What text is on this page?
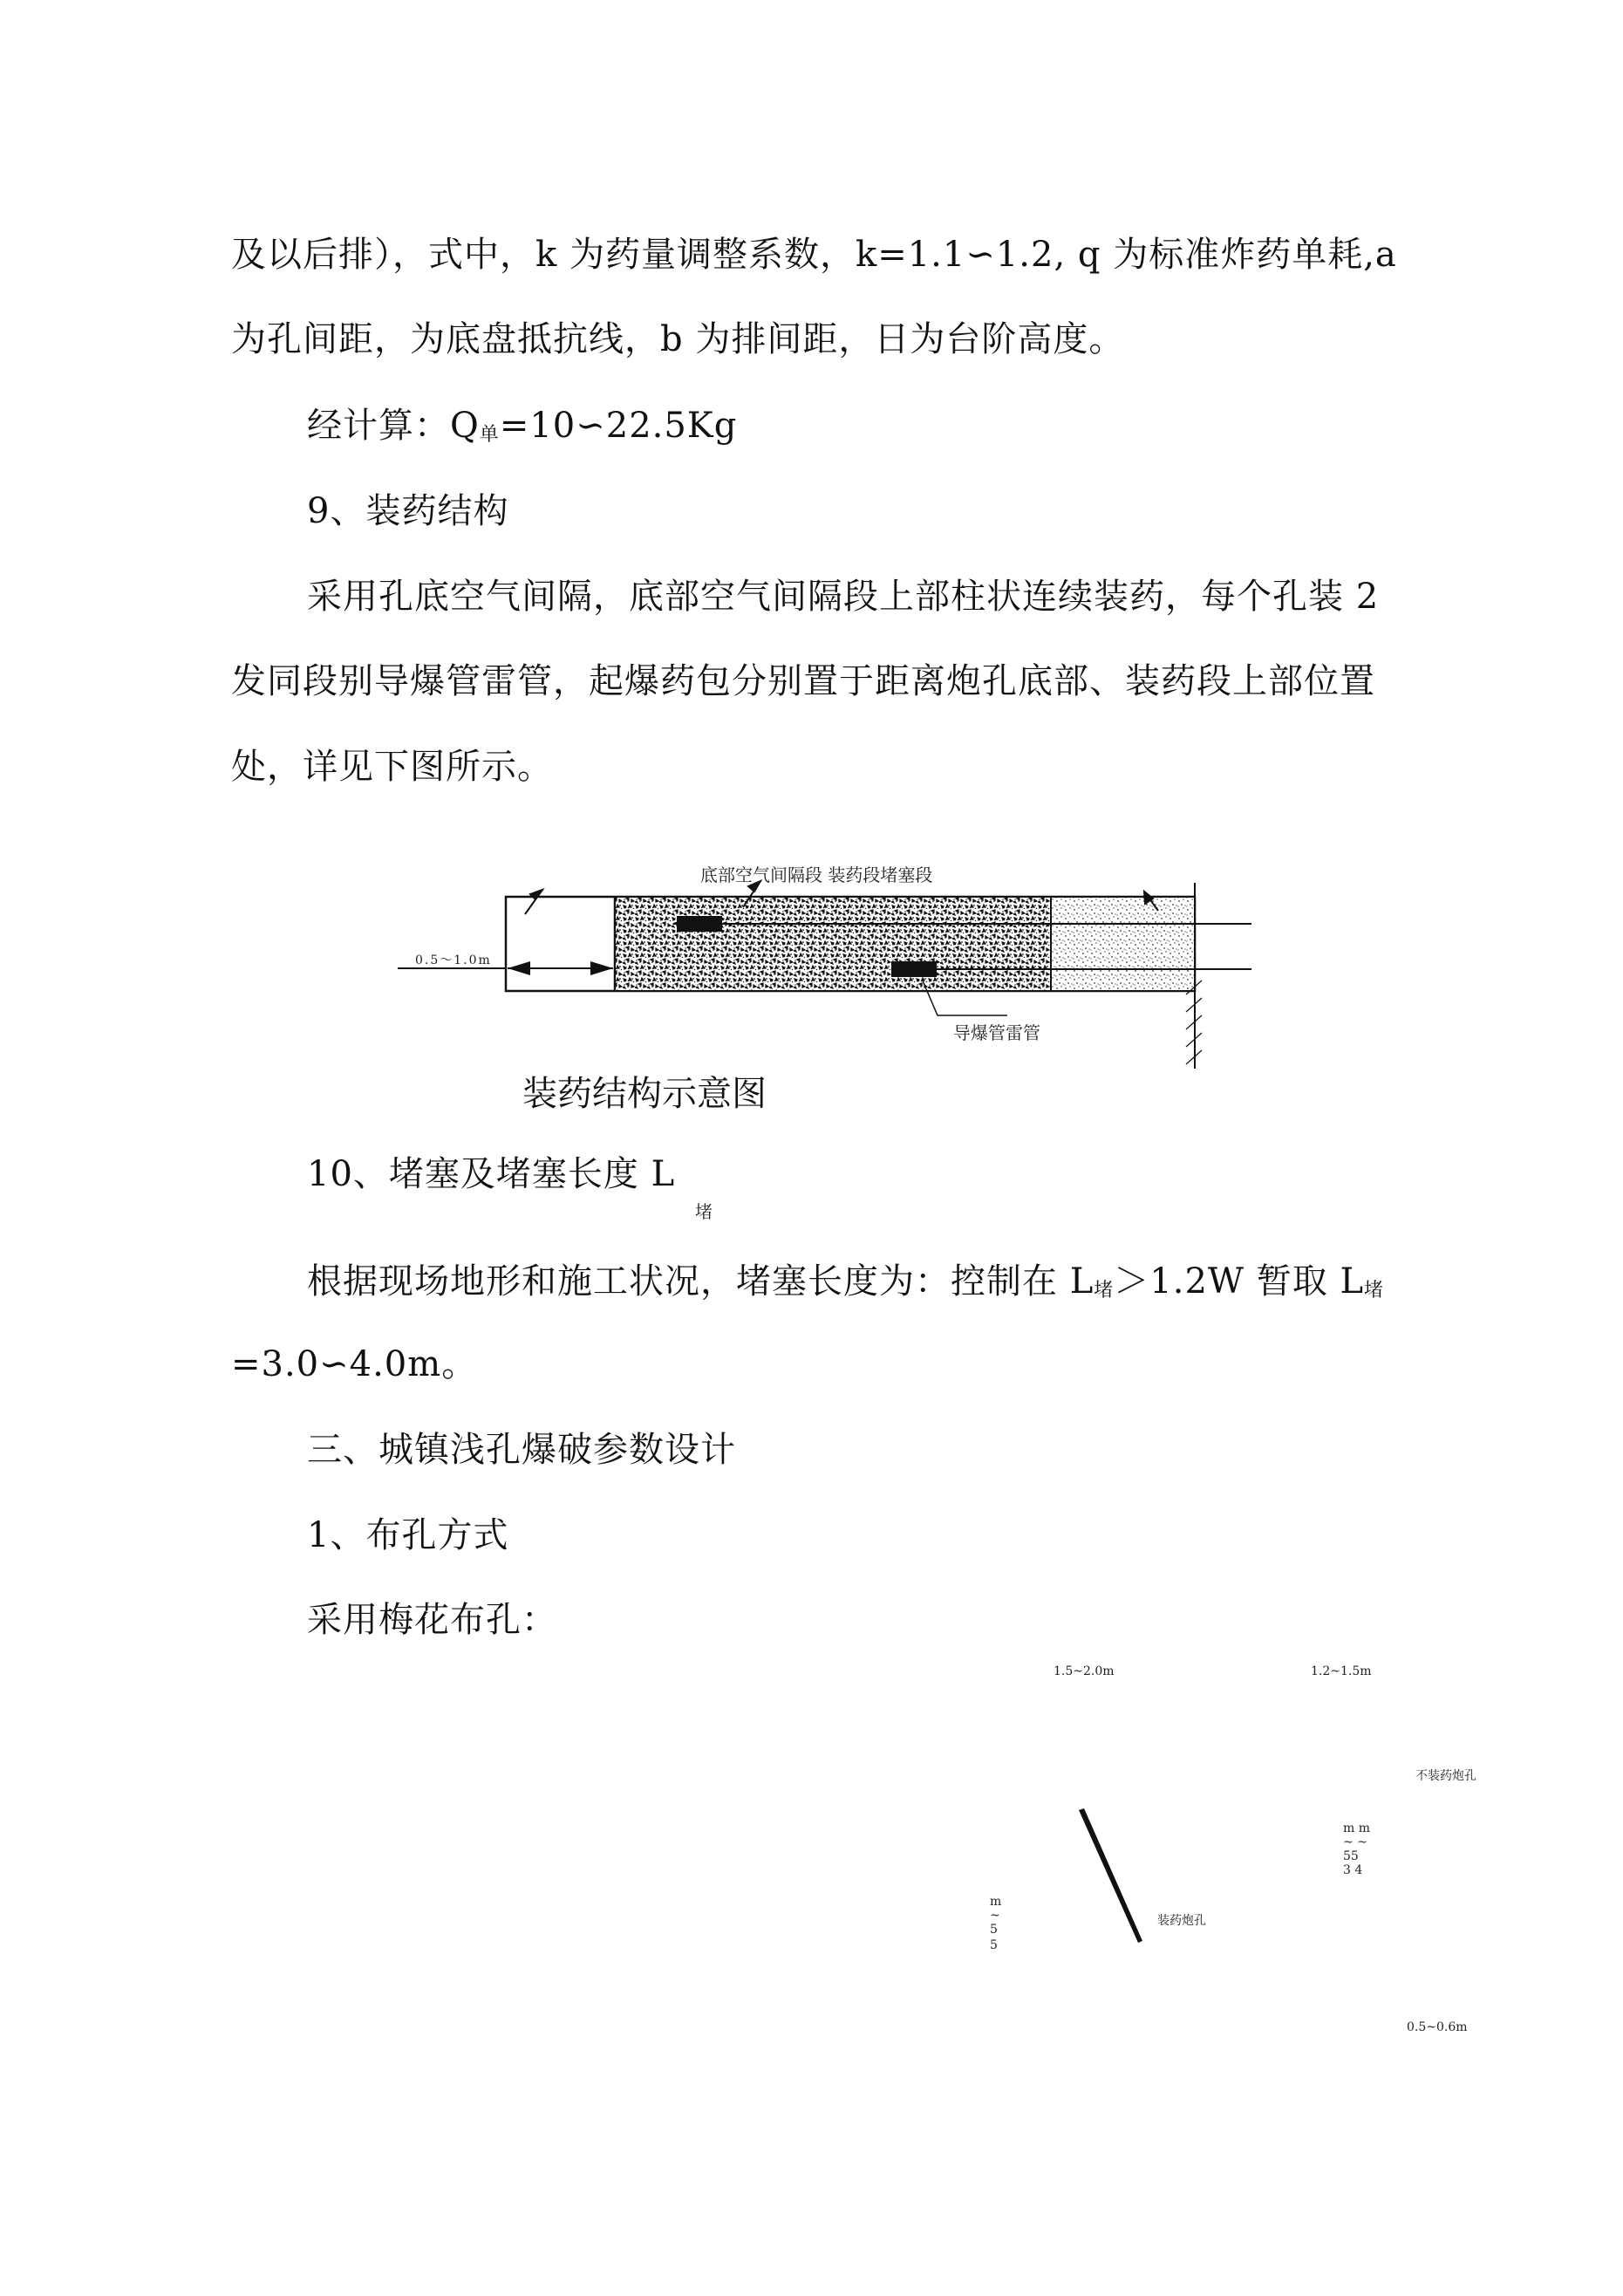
及以后排），式中，k 为药量调整系数，k=1.1∽1.2, q 为标准炸药单耗,a
为孔间距，为底盘抵抗线，b 为排间距，日为台阶高度。
经计算：Q单=10∽22.5Kg
9、装药结构
采用孔底空气间隔，底部空气间隔段上部柱状连续装药，每个孔装 2
发同段别导爆管雷管，起爆药包分别置于距离炮孔底部、装药段上部位置
处，详见下图所示。
底部空气间隔段 装药段堵塞段
0.5～1.0m
导爆管雷管
装药结构示意图
10、堵塞及堵塞长度 L
堵
根据现场地形和施工状况，堵塞长度为：控制在 L堵＞1.2W 暂取 L堵
=3.0∽4.0m。
三、城镇浅孔爆破参数设计
1、布孔方式
采用梅花布孔：
1.5~2.0m	1.2~1.5m
不装药炮孔
m m
~ ~
55
3 4
m
~
5
5
装药炮孔
0.5~0.6m
